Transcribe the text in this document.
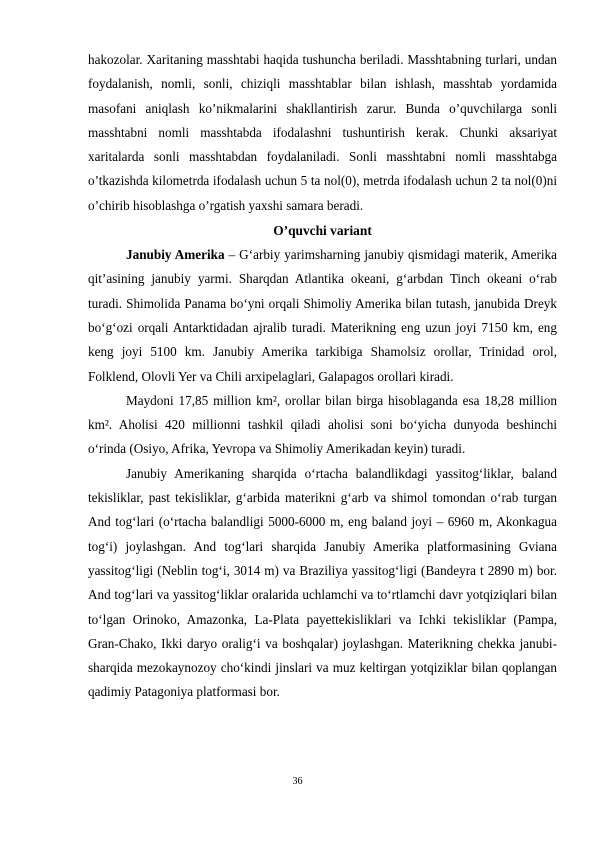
hakozolar. Xaritaning masshtabi haqida tushuncha beriladi. Masshtabning turlari, undan foydalanish, nomli, sonli, chiziqli masshtablar bilan ishlash, masshtab yordamida masofani aniqlash ko’nikmalarini shakllantirish zarur. Bunda o’quvchilarga sonli masshtabni nomli masshtabda ifodalashni tushuntirish kerak. Chunki aksariyat xaritalarda sonli masshtabdan foydalaniladi. Sonli masshtabni nomli masshtabga o’tkazishda kilometrda ifodalash uchun 5 ta nol(0), metrda ifodalash uchun 2 ta nol(0)ni o’chirib hisoblashga o’rgatish yaxshi samara beradi.

O’quvchi variant

Janubiy Amerika – Gʻarbiy yarimsharning janubiy qismidagi materik, Amerika qitʼasining janubiy yarmi. Sharqdan Atlantika okeani, gʻarbdan Tinch okeani oʻrab turadi. Shimolida Panama boʻyni orqali Shimoliy Amerika bilan tutash, janubida Dreyk boʻgʻozi orqali Antarktidadan ajralib turadi. Materikning eng uzun joyi 7150 km, eng keng joyi 5100 km. Janubiy Amerika tarkibiga Shamolsiz orollar, Trinidad orol, Folklend, Olovli Yer va Chili arxipelaglari, Galapagos orollari kiradi.

Maydoni 17,85 million km², orollar bilan birga hisoblaganda esa 18,28 million km². Aholisi 420 millionni tashkil qiladi aholisi soni boʻyicha dunyoda beshinchi oʻrinda (Osiyo, Afrika, Yevropa va Shimoliy Amerikadan keyin) turadi.

Janubiy Amerikaning sharqida oʻrtacha balandlikdagi yassitogʻliklar, baland tekisliklar, past tekisliklar, gʻarbida materikni gʻarb va shimol tomondan oʻrab turgan And togʻlari (oʻrtacha balandligi 5000-6000 m, eng baland joyi – 6960 m, Akonkagua togʻi) joylashgan. And togʻlari sharqida Janubiy Amerika platformasining Gviana yassitogʻligi (Neblin togʻi, 3014 m) va Braziliya yassitogʻligi (Bandeyra t 2890 m) bor. And togʻlari va yassitogʻliklar oralarida uchlamchi va toʻrtlamchi davr yotqiziqlari bilan toʻlgan Orinoko, Amazonka, La-Plata payettekisliklari va Ichki tekisliklar (Pampa, Gran-Chako, Ikki daryo oraligʻi va boshqalar) joylashgan. Materikning chekka janubi-sharqida mezokaynozoy choʻkindi jinslari va muz keltirgan yotqiziklar bilan qoplangan qadimiy Patagoniya platformasi bor.

36
